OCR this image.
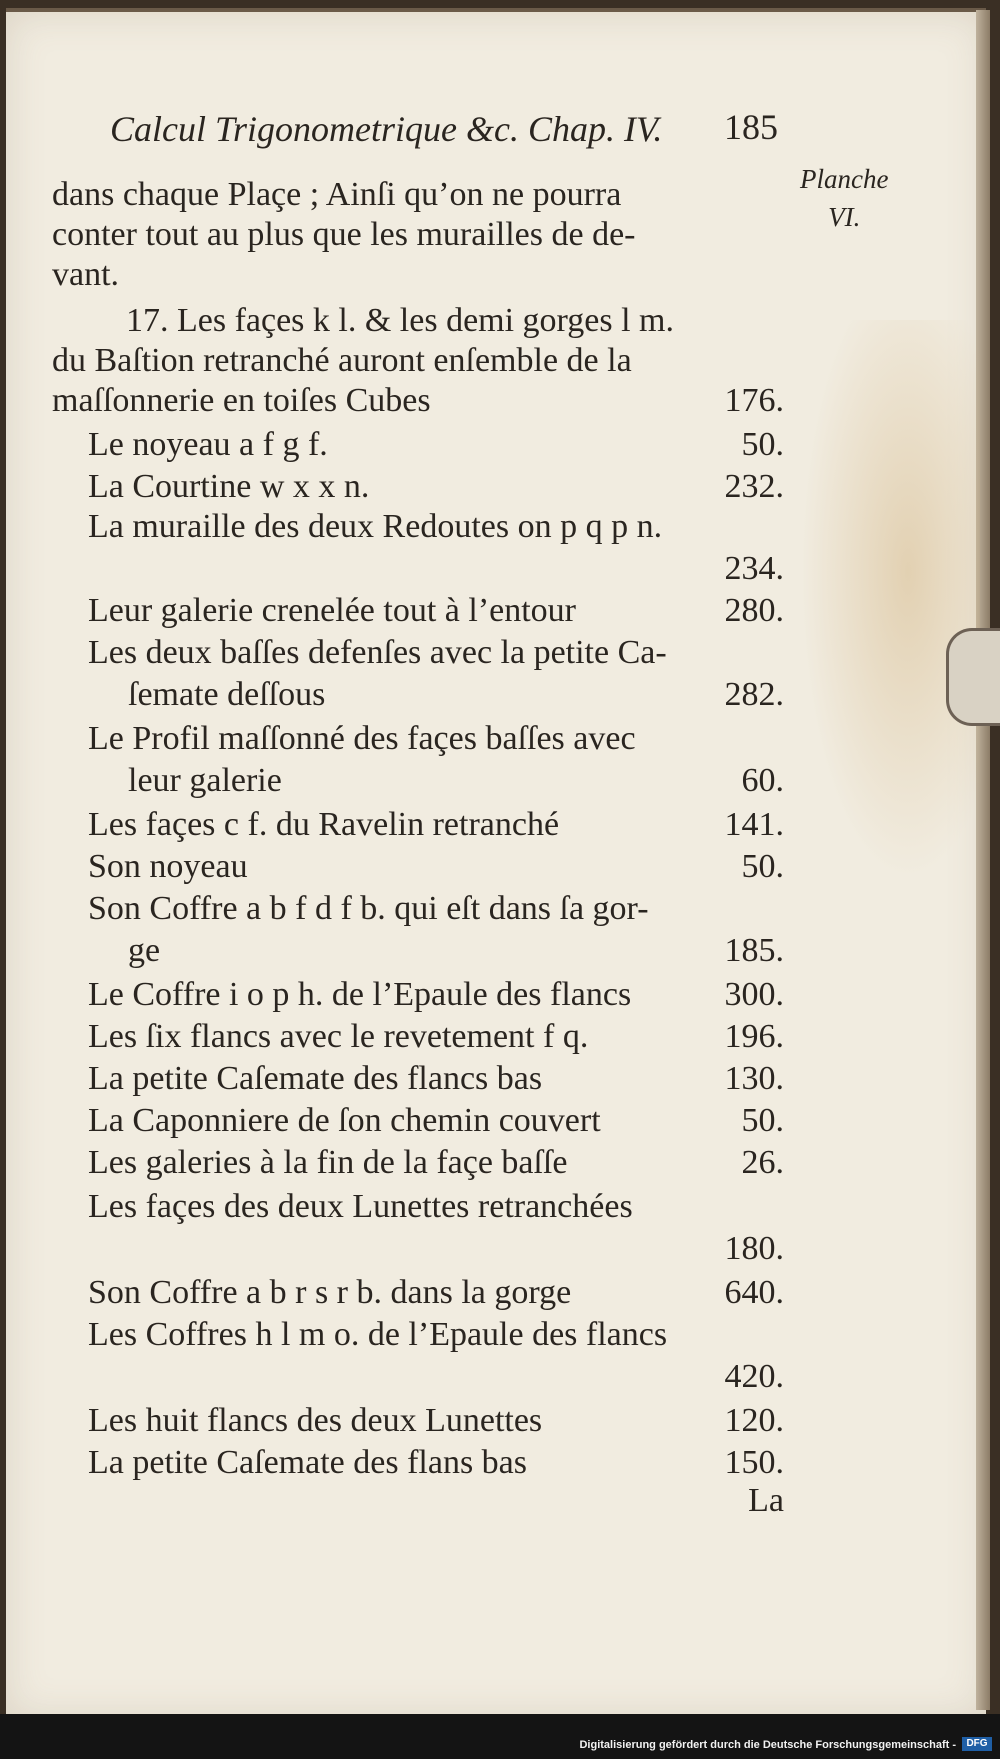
Calcul Trigonometrique &c. Chap. IV. 185
Planche
VI.
dans chaque Plaçe ; Ainſi qu’on ne pourra
conter tout au plus que les murailles de de-
vant.
17. Les façes k l. & les demi gorges l m.
du Baſtion retranché auront enſemble de la
maſſonnerie en toiſes Cubes	176.
Le noyeau a f g f.	50.
La Courtine w x x n.	232.
La muraille des deux Redoutes on p q p n.
234.
Leur galerie crenelée tout à l’entour	280.
Les deux baſſes defenſes avec la petite Ca-
ſemate deſſous	282.
Le Profil maſſonné des façes baſſes avec
leur galerie	60.
Les façes c f. du Ravelin retranché	141.
Son noyeau	50.
Son Coffre a b f d f b. qui eſt dans ſa gor-
ge	185.
Le Coffre i o p h. de l’Epaule des flancs	300.
Les ſix flancs avec le revetement f q.	196.
La petite Caſemate des flancs bas	130.
La Caponniere de ſon chemin couvert	50.
Les galeries à la fin de la façe baſſe	26.
Les façes des deux Lunettes retranchées
180.
Son Coffre a b r s r b. dans la gorge	640.
Les Coffres h l m o. de l’Epaule des flancs
420.
Les huit flancs des deux Lunettes	120.
La petite Caſemate des flans bas	150.
La
Digitalisierung gefördert durch die Deutsche Forschungsgemeinschaft -	DFG
